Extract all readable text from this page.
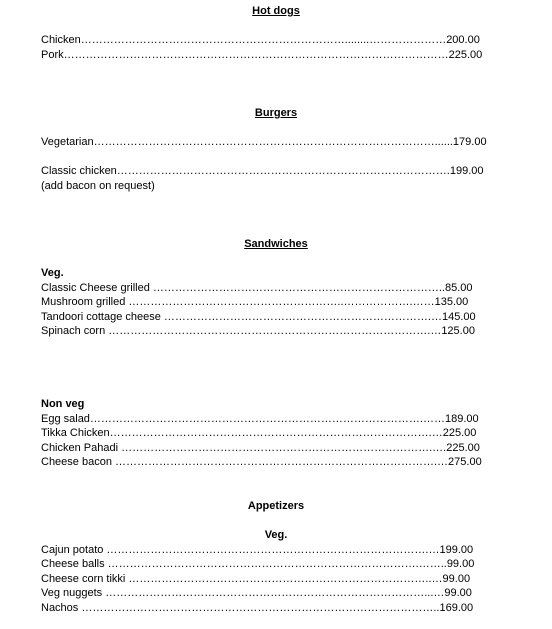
Hot dogs
Chicken………………………………………………………………........…………………200.00
Pork……………………………………………………………………………………………225.00
Burgers
Vegetarian…………………………………………………………………………………......179.00
Classic chicken……………………………………………………………………………….199.00
(add bacon on request)
Sandwiches
Veg.
Classic Cheese grilled ……………………………………………………………………..85.00
Mushroom grilled …………………………………………………..……………….……135.00
Tandoori cottage cheese ……………………………………………………………….…145.00
Spinach corn …………………………………………………………………………….…125.00
Non veg
Egg salad……………………………………………………………………………….……189.00
Tikka Chicken…………………………………………………………………………….…225.00
Chicken Pahadi ………………………………………………………………………….….225.00
Cheese bacon …………………………………………………………………………….…275.00
Appetizers
Veg.
Cajun potato …………………………………………………………………………….…199.00
Cheese balls ………………………………………………………………………….……..99.00
Cheese corn tikki ………………………………………………………………………..…99.00
Veg nuggets ……………………………………………………………………………...…99.00
Nachos ……………………………………………………………………………………..169.00
